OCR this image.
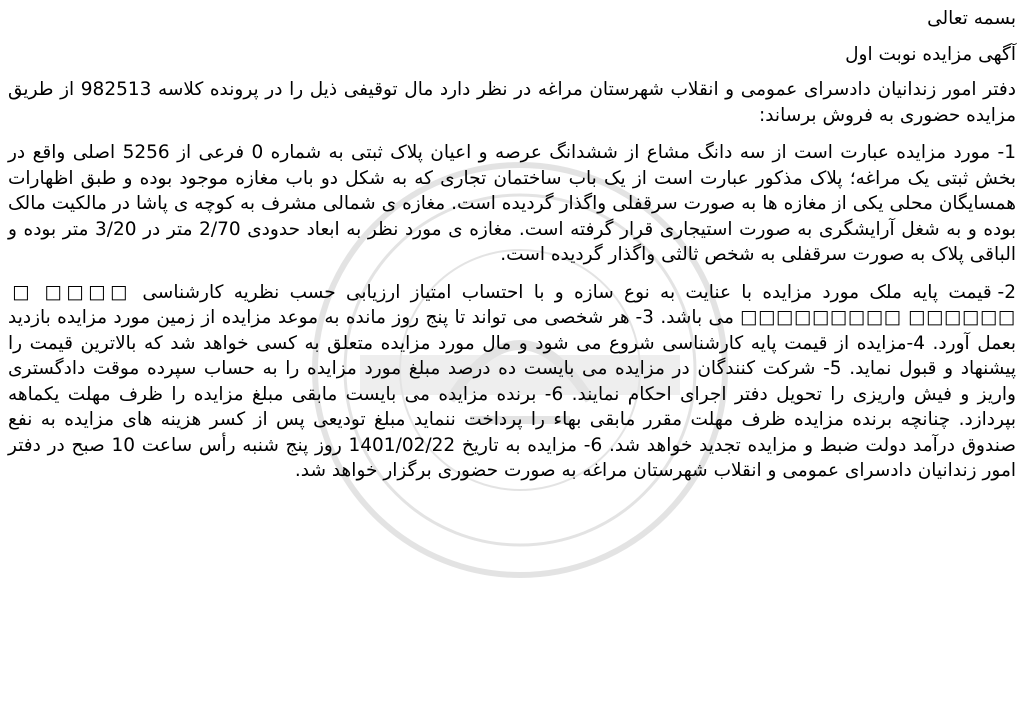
بسمه تعالی

آگهی مزایده نوبت اول

دفتر امور زندانیان دادسرای عمومی و انقلاب شهرستان مراغه در نظر دارد مال توقیفی ذیل را در پرونده کلاسه 982513 از طریق مزایده حضوری به فروش برساند:

1- مورد مزایده عبارت است از سه دانگ مشاع از ششدانگ عرصه و اعیان پلاک ثبتی به شماره 0 فرعی از 5256 اصلی واقع در بخش ثبتی یک مراغه؛ پلاک مذکور عبارت است از یک باب ساختمان تجاری که به شکل دو باب مغازه موجود بوده و طبق اظهارات همسایگان محلی یکی از مغازه ها به صورت سرقفلی واگذار گردیده است. مغازه ی شمالی مشرف به کوچه ی پاشا در مالکیت مالک بوده و به شغل آرایشگری به صورت استیجاری قرار گرفته است. مغازه ی مورد نظر به ابعاد حدودی 2/70 متر در 3/20 متر بوده و الباقی پلاک به صورت سرقفلی به شخص ثالثی واگذار گردیده است.

2- قیمت پایه ملک مورد مزایده با عنایت به نوع سازه و با احتساب امتیاز ارزیابی حسب نظریه کارشناسی □□□□ □ □□□□□□ □□□□□□□□□ می باشد. 3- هر شخصی می تواند تا پنج روز مانده به موعد مزایده از زمین مورد مزایده بازدید بعمل آورد. 4-مزایده از قیمت پایه کارشناسی شروع می شود و مال مورد مزایده متعلق به کسی خواهد شد که بالاترین قیمت را پیشنهاد و قبول نماید. 5- شرکت کنندگان در مزایده می بایست ده درصد مبلغ مورد مزایده را به حساب سپرده موقت دادگستری واریز و فیش واریزی را تحویل دفتر اجرای احکام نمایند. 6- برنده مزایده می بایست مابقی مبلغ مزایده را ظرف مهلت یکماهه بپردازد. چنانچه برنده مزایده ظرف مهلت مقرر مابقی بهاء را پرداخت ننماید مبلغ تودیعی پس از کسر هزینه های مزایده به نفع صندوق درآمد دولت ضبط و مزایده تجدید خواهد شد. 6- مزایده به تاریخ 1401/02/22 روز پنج شنبه رأس ساعت 10 صبح در دفتر امور زندانیان دادسرای عمومی و انقلاب شهرستان مراغه به صورت حضوری برگزار خواهد شد.
